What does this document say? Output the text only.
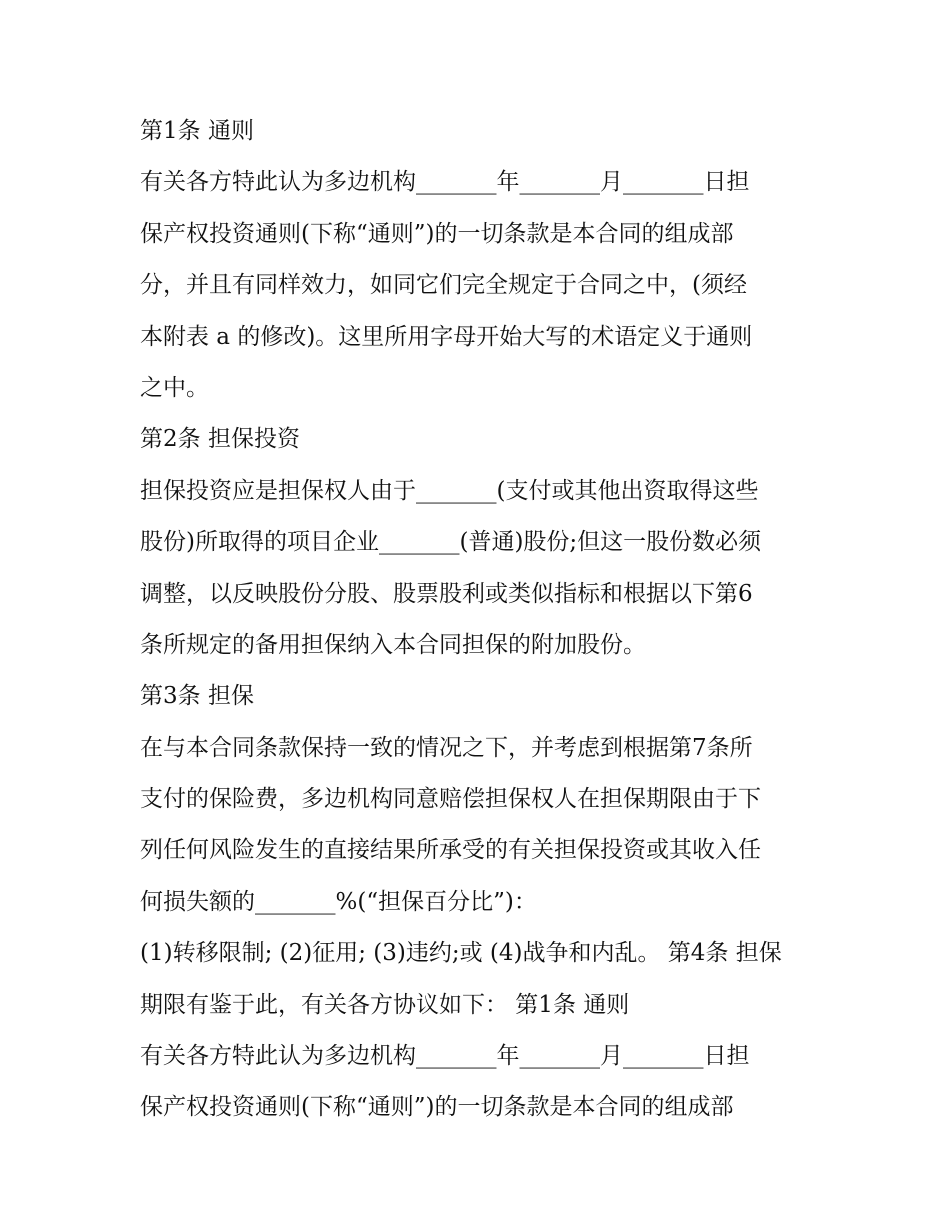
第1条 通则
有关各方特此认为多边机构_______年_______月_______日担
保产权投资通则(下称“通则”)的一切条款是本合同的组成部
分，并且有同样效力，如同它们完全规定于合同之中，(须经
本附表 a 的修改)。这里所用字母开始大写的术语定义于通则
之中。
第2条 担保投资
担保投资应是担保权人由于_______(支付或其他出资取得这些
股份)所取得的项目企业_______(普通)股份;但这一股份数必须
调整，以反映股份分股、股票股利或类似指标和根据以下第6
条所规定的备用担保纳入本合同担保的附加股份。
第3条 担保
在与本合同条款保持一致的情况之下，并考虑到根据第7条所
支付的保险费，多边机构同意赔偿担保权人在担保期限由于下
列任何风险发生的直接结果所承受的有关担保投资或其收入任
何损失额的_______%(“担保百分比”)：
(1)转移限制; (2)征用; (3)违约;或 (4)战争和内乱。 第4条 担保
期限有鉴于此，有关各方协议如下： 第1条 通则
有关各方特此认为多边机构_______年_______月_______日担
保产权投资通则(下称“通则”)的一切条款是本合同的组成部
